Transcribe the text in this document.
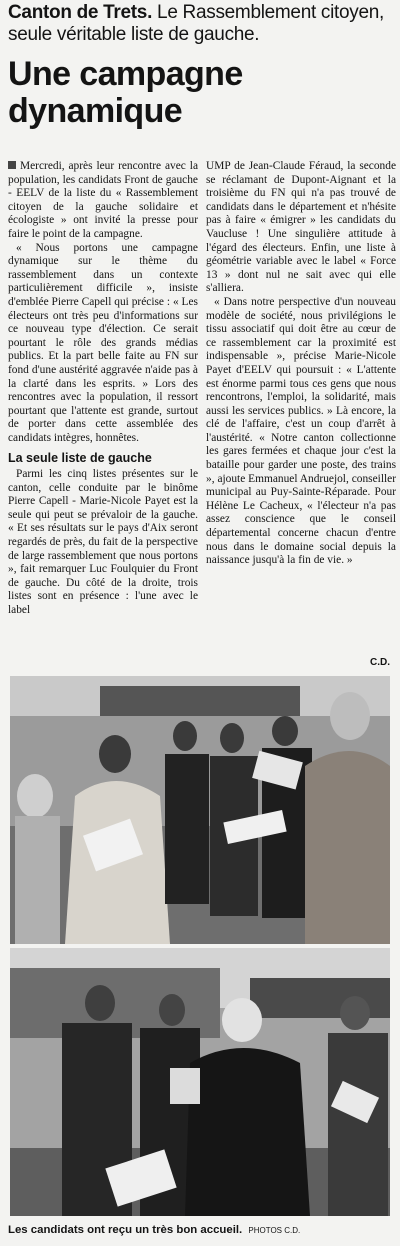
Canton de Trets. Le Rassemblement citoyen, seule véritable liste de gauche.
Une campagne dynamique

Mercredi, après leur rencontre avec la population, les candidats Front de gauche - EELV de la liste du « Rassemblement citoyen de la gauche solidaire et écologiste » ont invité la presse pour faire le point de la campagne.

« Nous portons une campagne dynamique sur le thème du rassemblement dans un contexte particulièrement difficile », insiste d'emblée Pierre Capell qui précise : « Les électeurs ont très peu d'informations sur ce nouveau type d'élection. Ce serait pourtant le rôle des grands médias publics. Et la part belle faite au FN sur fond d'une austérité aggravée n'aide pas à la clarté dans les esprits. » Lors des rencontres avec la population, il ressort pourtant que l'attente est grande, surtout de porter dans cette assemblée des candidats intègres, honnêtes.

La seule liste de gauche

Parmi les cinq listes présentes sur le canton, celle conduite par le binôme Pierre Capell - Marie-Nicole Payet est la seule qui peut se prévaloir de la gauche. « Et ses résultats sur le pays d'Aix seront regardés de près, du fait de la perspective de large rassemblement que nous portons », fait remarquer Luc Foulquier du Front de gauche. Du côté de la droite, trois listes sont en présence : l'une avec le label

UMP de Jean-Claude Féraud, la seconde se réclamant de Dupont-Aignant et la troisième du FN qui n'a pas trouvé de candidats dans le département et n'hésite pas à faire « émigrer » les candidats du Vaucluse ! Une singulière attitude à l'égard des électeurs. Enfin, une liste à géométrie variable avec le label « Force 13 » dont nul ne sait avec qui elle s'alliera.

« Dans notre perspective d'un nouveau modèle de société, nous privilégions le tissu associatif qui doit être au cœur de ce rassemblement car la proximité est indispensable », précise Marie-Nicole Payet d'EELV qui poursuit : « L'attente est énorme parmi tous ces gens que nous rencontrons, l'emploi, la solidarité, mais aussi les services publics. » Là encore, la clé de l'affaire, c'est un coup d'arrêt à l'austérité. « Notre canton collectionne les gares fermées et chaque jour c'est la bataille pour garder une poste, des trains », ajoute Emmanuel Andruejol, conseiller municipal au Puy-Sainte-Réparade. Pour Hélène Le Cacheux, « l'électeur n'a pas assez conscience que le conseil départemental concerne chacun d'entre nous dans le domaine social depuis la naissance jusqu'à la fin de vie. »

C.D.
Les candidats ont reçu un très bon accueil. PHOTOS C.D.
